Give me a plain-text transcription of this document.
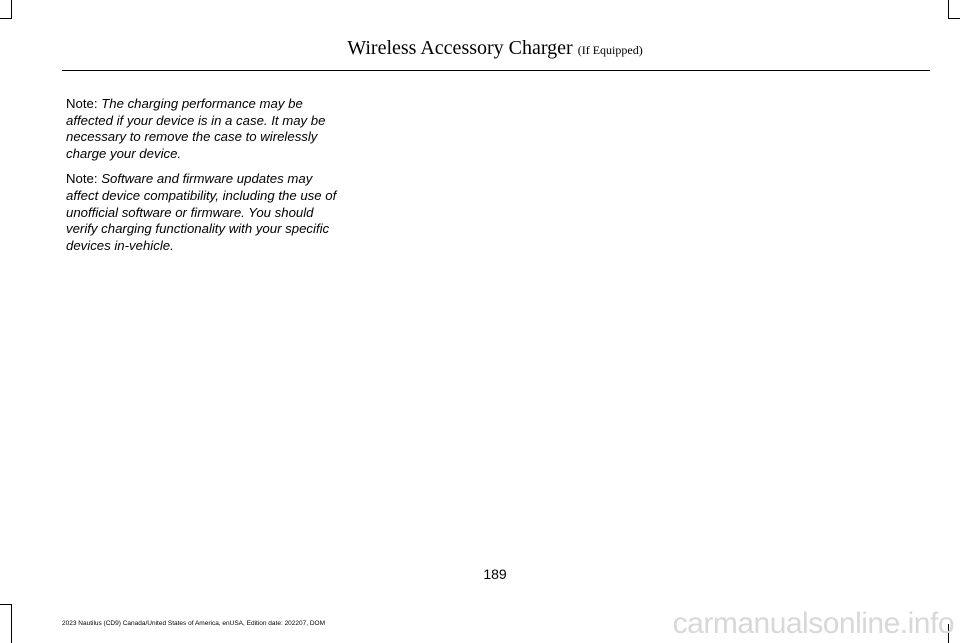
Wireless Accessory Charger (If Equipped)

Note: The charging performance may be affected if your device is in a case. It may be necessary to remove the case to wirelessly charge your device.

Note: Software and firmware updates may affect device compatibility, including the use of unofficial software or firmware. You should verify charging functionality with your specific devices in-vehicle.

189
2023 Nautilus (CD9) Canada/United States of America, enUSA, Edition date: 202207, DOM	carmanualsonline.info
